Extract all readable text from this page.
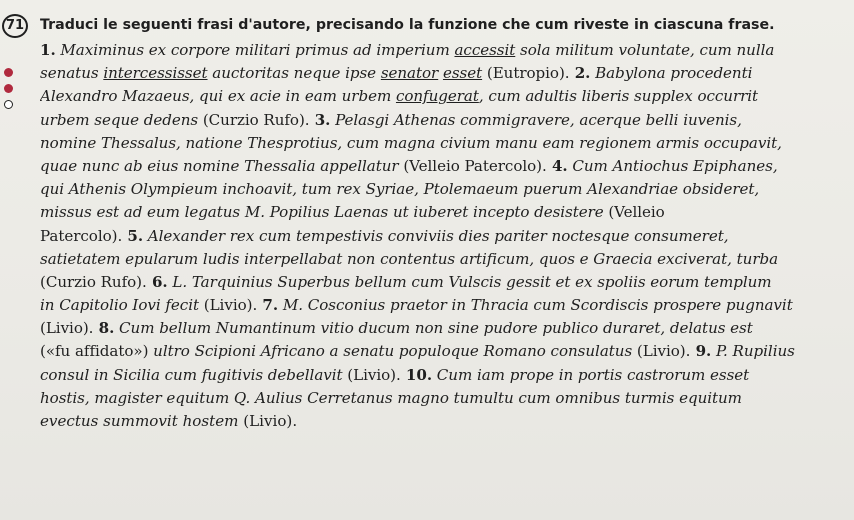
71 Traduci le seguenti frasi d'autore, precisando la funzione che cum riveste in ciascuna frase.
1. Maximinus ex corpore militari primus ad imperium accessit sola militum voluntate, cum nulla
senatus intercessisset auctoritas neque ipse senator esset (Eutropio). 2. Babylona procedenti
Alexandro Mazaeus, qui ex acie in eam urbem confugerat, cum adultis liberis supplex occurrit
urbem seque dedens (Curzio Rufo). 3. Pelasgi Athenas commigravere, acerque belli iuvenis,
nomine Thessalus, natione Thesprotius, cum magna civium manu eam regionem armis occupavit,
quae nunc ab eius nomine Thessalia appellatur (Velleio Patercolo). 4. Cum Antiochus Epiphanes,
qui Athenis Olympieum inchoavit, tum rex Syriae, Ptolemaeum puerum Alexandriae obsideret,
missus est ad eum legatus M. Popilius Laenas ut iuberet incepto desistere (Velleio
Patercolo). 5. Alexander rex cum tempestivis conviviis dies pariter noctesque consumeret,
satietatem epularum ludis interpellabat non contentus artificum, quos e Graecia exciverat, turba
(Curzio Rufo). 6. L. Tarquinius Superbus bellum cum Vulscis gessit et ex spoliis eorum templum
in Capitolio Iovi fecit (Livio). 7. M. Cosconius praetor in Thracia cum Scordiscis prospere pugnavit
(Livio). 8. Cum bellum Numantinum vitio ducum non sine pudore publico duraret, delatus est
(«fu affidato») ultro Scipioni Africano a senatu populoque Romano consulatus (Livio). 9. P. Rupilius
consul in Sicilia cum fugitivis debellavit (Livio). 10. Cum iam prope in portis castrorum esset
hostis, magister equitum Q. Aulius Cerretanus magno tumultu cum omnibus turmis equitum
evectus summovit hostem (Livio).
